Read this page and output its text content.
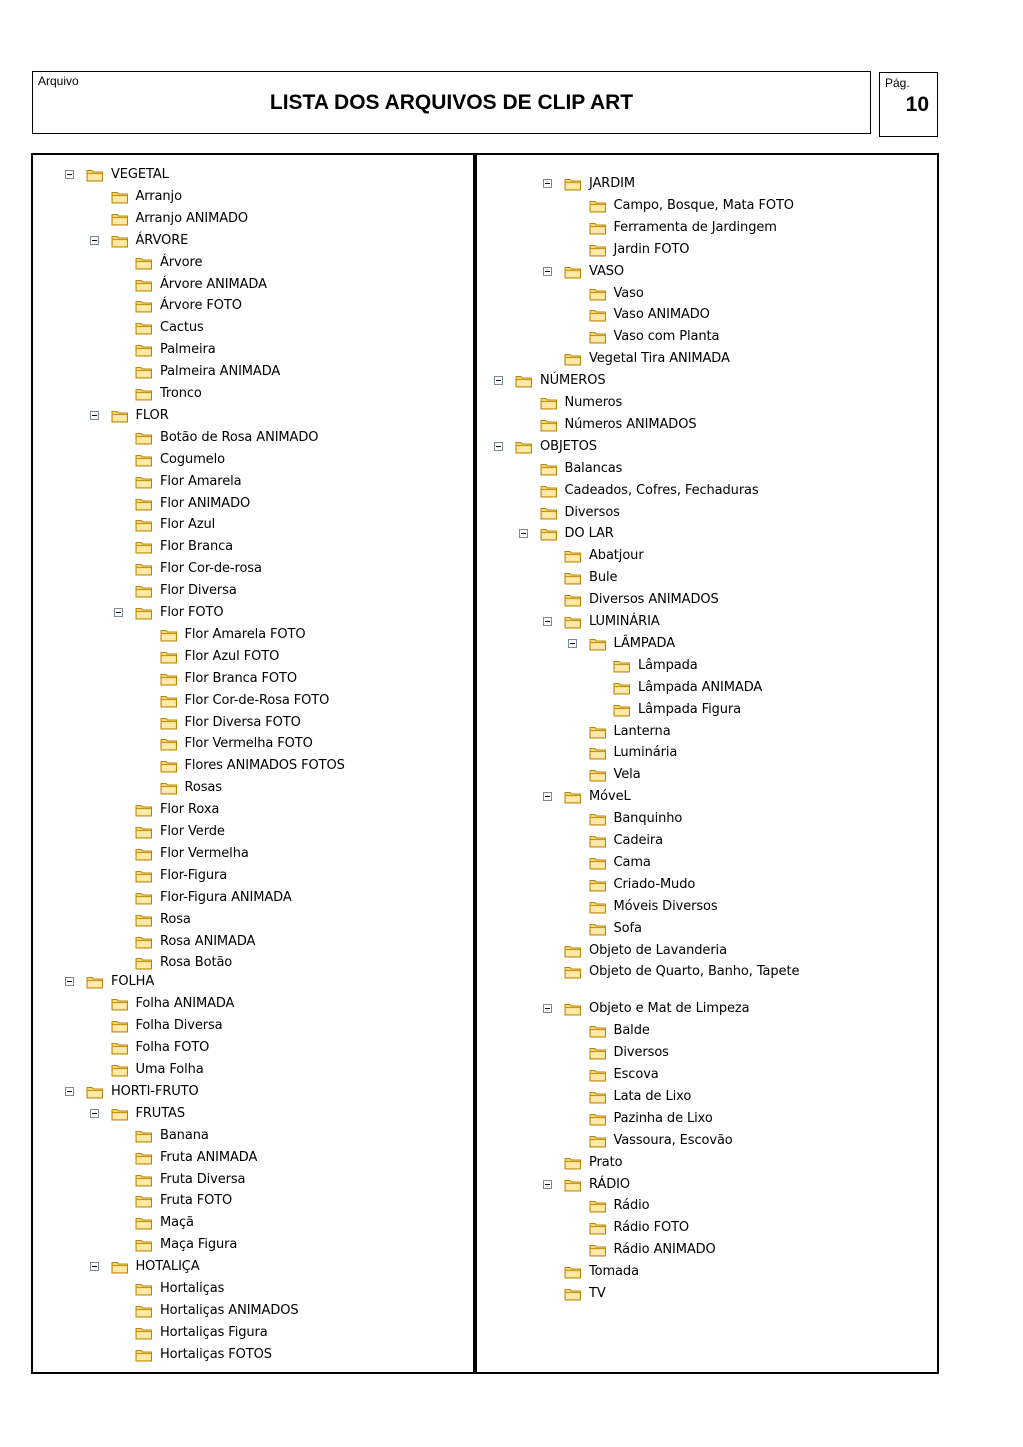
Arquivo
LISTA DOS ARQUIVOS DE CLIP ART
Pág.
10
VEGETAL
Arranjo
Arranjo ANIMADO
ÁRVORE
Árvore
Árvore ANIMADA
Árvore FOTO
Cactus
Palmeira
Palmeira ANIMADA
Tronco
FLOR
Botão de Rosa ANIMADO
Cogumelo
Flor Amarela
Flor ANIMADO
Flor Azul
Flor Branca
Flor Cor-de-rosa
Flor Diversa
Flor FOTO
Flor Amarela FOTO
Flor Azul FOTO
Flor Branca FOTO
Flor Cor-de-Rosa FOTO
Flor Diversa FOTO
Flor Vermelha FOTO
Flores ANIMADOS FOTOS
Rosas
Flor Roxa
Flor Verde
Flor Vermelha
Flor-Figura
Flor-Figura ANIMADA
Rosa
Rosa ANIMADA
Rosa Botão
FOLHA
Folha ANIMADA
Folha Diversa
Folha FOTO
Uma Folha
HORTI-FRUTO
FRUTAS
Banana
Fruta ANIMADA
Fruta Diversa
Fruta FOTO
Maçã
Maça Figura
HOTALIÇA
Hortaliças
Hortaliças ANIMADOS
Hortaliças Figura
Hortaliças FOTOS
JARDIM
Campo, Bosque, Mata FOTO
Ferramenta de Jardingem
Jardin FOTO
VASO
Vaso
Vaso ANIMADO
Vaso com Planta
Vegetal Tira ANIMADA
NÚMEROS
Numeros
Números ANIMADOS
OBJETOS
Balancas
Cadeados, Cofres, Fechaduras
Diversos
DO LAR
Abatjour
Bule
Diversos ANIMADOS
LUMINÁRIA
LÂMPADA
Lâmpada
Lâmpada ANIMADA
Lâmpada Figura
Lanterna
Luminária
Vela
MóveL
Banquinho
Cadeira
Cama
Criado-Mudo
Móveis Diversos
Sofa
Objeto de Lavanderia
Objeto de Quarto, Banho, Tapete
Objeto e Mat de Limpeza
Balde
Diversos
Escova
Lata de Lixo
Pazinha de Lixo
Vassoura, Escovão
Prato
RÁDIO
Rádio
Rádio FOTO
Rádio ANIMADO
Tomada
TV
